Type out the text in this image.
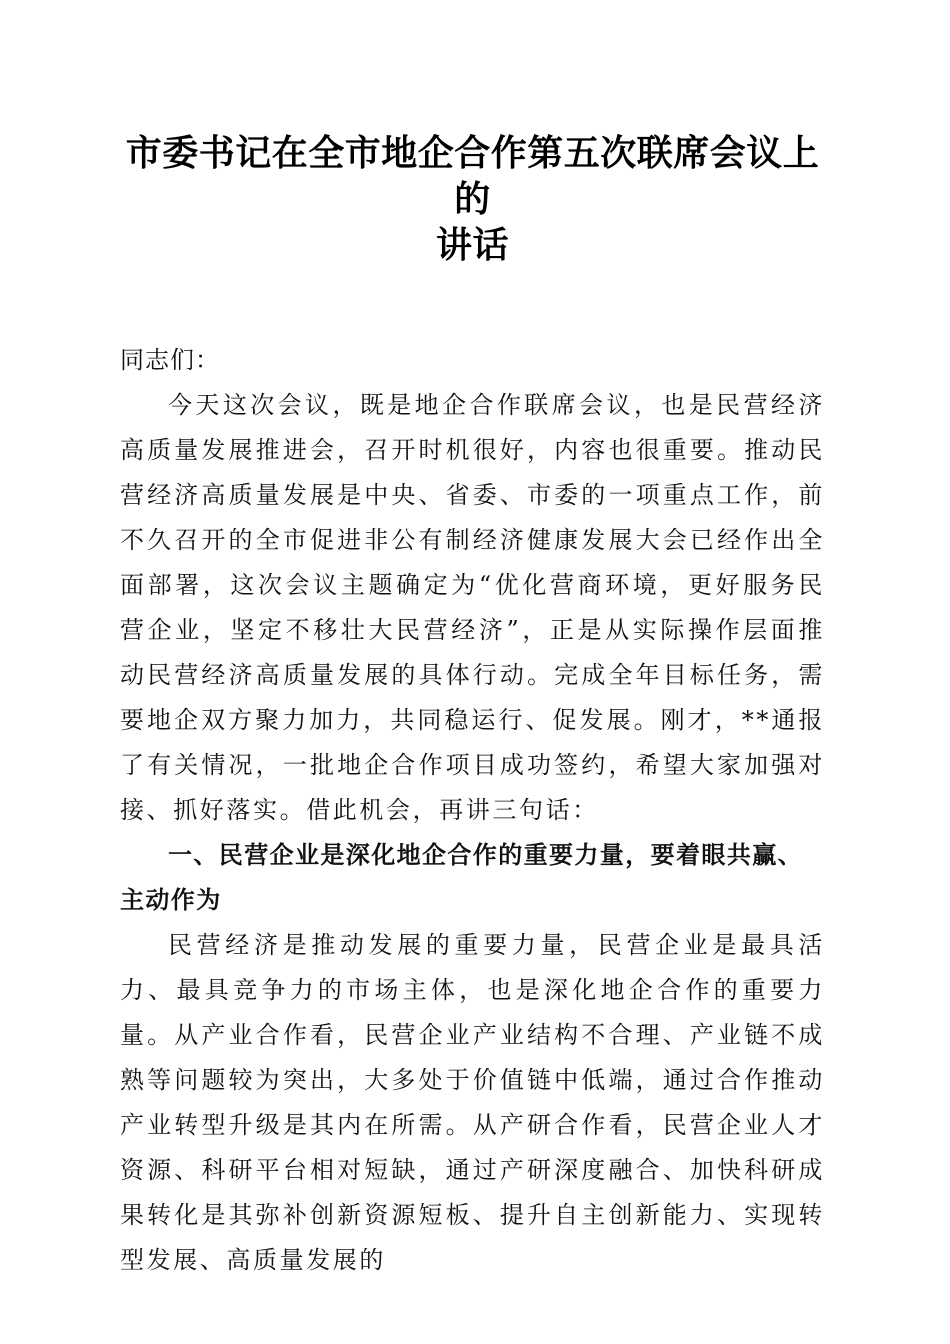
市委书记在全市地企合作第五次联席会议上的
讲话

同志们：

今天这次会议，既是地企合作联席会议，也是民营经济高质量发展推进会，召开时机很好，内容也很重要。推动民营经济高质量发展是中央、省委、市委的一项重点工作，前不久召开的全市促进非公有制经济健康发展大会已经作出全面部署，这次会议主题确定为“优化营商环境，更好服务民营企业，坚定不移壮大民营经济”，正是从实际操作层面推动民营经济高质量发展的具体行动。完成全年目标任务，需要地企双方聚力加力，共同稳运行、促发展。刚才，**通报了有关情况，一批地企合作项目成功签约，希望大家加强对接、抓好落实。借此机会，再讲三句话：

一、民营企业是深化地企合作的重要力量，要着眼共赢、主动作为

民营经济是推动发展的重要力量，民营企业是最具活力、最具竞争力的市场主体，也是深化地企合作的重要力量。从产业合作看，民营企业产业结构不合理、产业链不成熟等问题较为突出，大多处于价值链中低端，通过合作推动产业转型升级是其内在所需。从产研合作看，民营企业人才资源、科研平台相对短缺，通过产研深度融合、加快科研成果转化是其弥补创新资源短板、提升自主创新能力、实现转型发展、高质量发展的
